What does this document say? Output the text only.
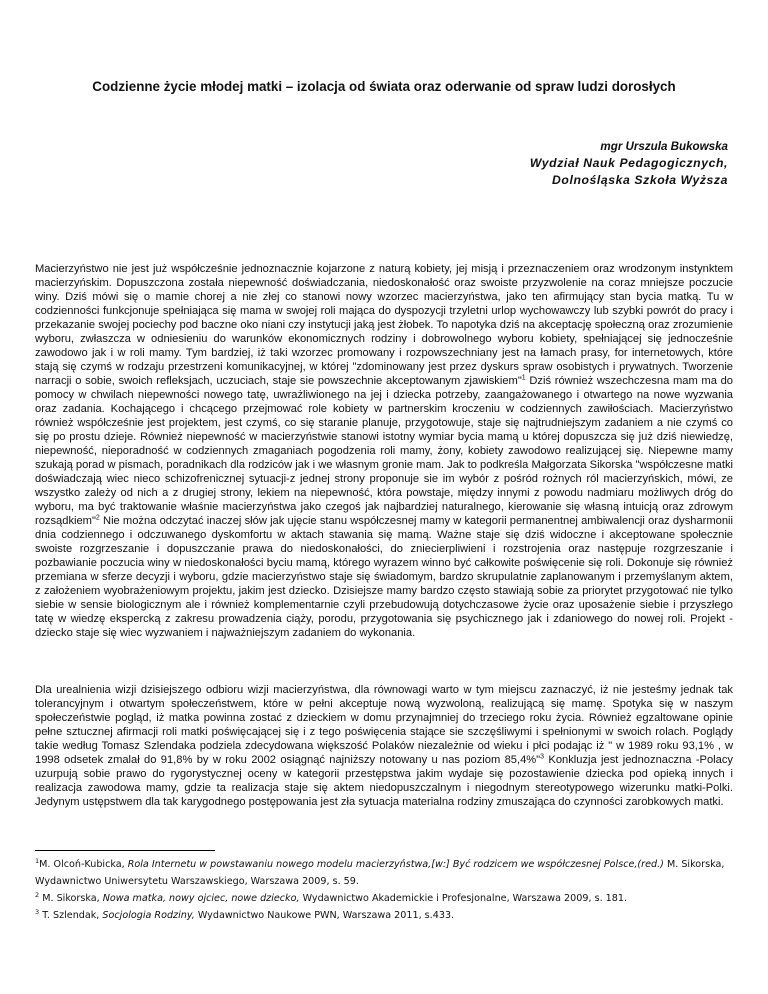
Codzienne życie młodej matki – izolacja od świata oraz oderwanie od spraw ludzi dorosłych
mgr Urszula Bukowska
Wydział Nauk Pedagogicznych,
Dolnośląska Szkoła Wyższa

Macierzyństwo nie jest już współcześnie jednoznacznie kojarzone z naturą kobiety, jej misją i przeznaczeniem oraz wrodzonym instynktem macierzyńskim. Dopuszczona została niepewność doświadczania, niedoskonałość oraz swoiste przyzwolenie na coraz mniejsze poczucie winy. Dziś mówi się o mamie chorej a nie złej co stanowi nowy wzorzec macierzyństwa, jako ten afirmujący stan bycia matką. Tu w codzienności funkcjonuje spełniająca się mama w swojej roli mająca do dyspozycji trzyletni urlop wychowawczy lub szybki powrót do pracy i przekazanie swojej pociechy pod baczne oko niani czy instytucji jaką jest żłobek. To napotyka dziś na akceptację społeczną oraz zrozumienie wyboru, zwłaszcza w odniesieniu do warunków ekonomicznych rodziny i dobrowolnego wyboru kobiety, spełniającej się jednocześnie zawodowo jak i w roli mamy. Tym bardziej, iż taki wzorzec promowany i rozpowszechniany jest na łamach prasy, for internetowych, które stają się czymś w rodzaju przestrzeni komunikacyjnej, w której "zdominowany jest przez dyskurs spraw osobistych i prywatnych. Tworzenie narracji o sobie, swoich refleksjach, uczuciach, staje sie powszechnie akceptowanym zjawiskiem"$^1$ Dziś również wszechczesna mam ma do pomocy w chwilach niepewności nowego tatę, uwrażliwionego na jej i dziecka potrzeby, zaangażowanego i otwartego na nowe wyzwania oraz zadania. Kochającego i chcącego przejmować role kobiety w partnerskim kroczeniu w codziennych zawiłościach. Macierzyństwo również współcześnie jest projektem, jest czymś, co się staranie planuje, przygotowuje, staje się najtrudniejszym zadaniem a nie czymś co się po prostu dzieje. Również niepewność w macierzyństwie stanowi istotny wymiar bycia mamą u której dopuszcza się już dziś niewiedzę, niepewność, nieporadność w codziennych zmaganiach pogodzenia roli mamy, żony, kobiety zawodowo realizującej się. Niepewne mamy szukają porad w pismach, poradnikach dla rodziców jak i we własnym gronie mam. Jak to podkreśla Małgorzata Sikorska "współczesne matki doświadczają wiec nieco schizofrenicznej sytuacji-z jednej strony proponuje sie im wybór z pośród rożnych ról macierzyńskich, mówi, ze wszystko zależy od nich a z drugiej strony, lekiem na niepewność, która powstaje, między innymi z powodu nadmiaru możliwych dróg do wyboru, ma być traktowanie właśnie macierzyństwa jako czegoś jak najbardziej naturalnego, kierowanie się własną intuicją oraz zdrowym rozsądkiem"$^2$ Nie można odczytać inaczej słów jak ujęcie stanu współczesnej mamy w kategorii permanentnej ambiwalencji oraz dysharmonii dnia codziennego i odczuwanego dyskomfortu w aktach stawania się mamą. Ważne staje się dziś widoczne i akceptowane społecznie swoiste rozgrzeszanie i dopuszczanie prawa do niedoskonałości, do zniecierpliwieni i rozstrojenia oraz następuje rozgrzeszanie i pozbawianie poczucia winy w niedoskonałości byciu mamą, którego wyrazem winno być całkowite poświęcenie się roli. Dokonuje się również przemiana w sferze decyzji i wyboru, gdzie macierzyństwo staje się świadomym, bardzo skrupulatnie zaplanowanym i przemyślanym aktem, z założeniem wyobrażeniowym projektu, jakim jest dziecko. Dzisiejsze mamy bardzo często stawiają sobie za priorytet przygotować nie tylko siebie w sensie biologicznym ale i również komplementarnie czyli przebudowują dotychczasowe życie oraz uposażenie siebie i przyszłego tatę w wiedzę ekspercką z zakresu prowadzenia ciąży, porodu, przygotowania się psychicznego jak i zdaniowego do nowej roli. Projekt - dziecko staje się wiec wyzwaniem i najważniejszym zadaniem do wykonania.

Dla urealnienia wizji dzisiejszego odbioru wizji macierzyństwa, dla równowagi warto w tym miejscu zaznaczyć, iż nie jesteśmy jednak tak tolerancyjnym i otwartym społeczeństwem, które w pełni akceptuje nową wyzwoloną, realizującą się mamę. Spotyka się w naszym społeczeństwie pogląd, iż matka powinna zostać z dzieckiem w domu przynajmniej do trzeciego roku życia. Również egzaltowane opinie pełne sztucznej afirmacji roli matki poświęcającej się i z tego poświęcenia stające sie szczęśliwymi i spełnionymi w swoich rolach. Poglądy takie według Tomasz Szlendaka podziela zdecydowana większość Polaków niezależnie od wieku i płci podając iż " w 1989 roku 93,1% , w 1998 odsetek zmalał do 91,8% by w roku 2002 osiągnąć najniższy notowany u nas poziom 85,4%"$^3$ Konkluzja jest jednoznaczna -Polacy uzurpują sobie prawo do rygorystycznej oceny w kategorii przestępstwa jakim wydaje się pozostawienie dziecka pod opieką innych i realizacja zawodowa mamy, gdzie ta realizacja staje się aktem niedopuszczalnym i niegodnym stereotypowego wizerunku matki-Polki. Jedynym ustępstwem dla tak karygodnego postępowania jest zła sytuacja materialna rodziny zmuszająca do czynności zarobkowych matki.

$^1$M. Olcoń-Kubicka, Rola Internetu w powstawaniu nowego modelu macierzyństwa,[w:] Być rodzicem we współczesnej Polsce,(red.) M. Sikorska, Wydawnictwo Uniwersytetu Warszawskiego, Warszawa 2009, s. 59.

$^2$ M. Sikorska, Nowa matka, nowy ojciec, nowe dziecko, Wydawnictwo Akademickie i Profesjonalne, Warszawa 2009, s. 181.

$^3$ T. Szlendak, Socjologia Rodziny, Wydawnictwo Naukowe PWN, Warszawa 2011, s.433.
